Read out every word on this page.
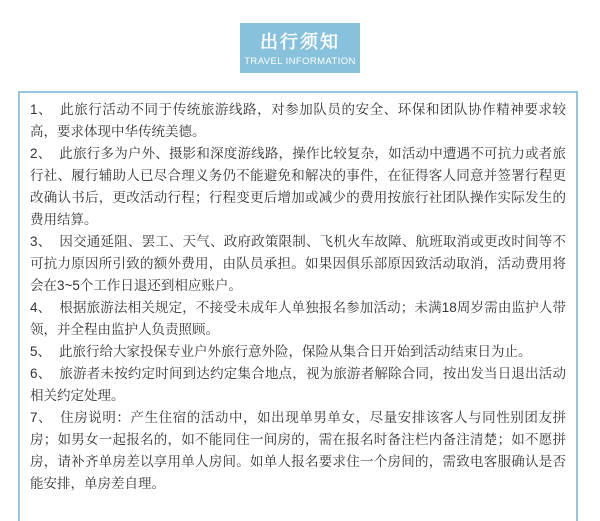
出行须知
TRAVEL INFORMATION

1、 此旅行活动不同于传统旅游线路，对参加队员的安全、环保和团队协作精神要求较高，要求体现中华传统美德。

2、 此旅行多为户外、摄影和深度游线路，操作比较复杂，如活动中遭遇不可抗力或者旅行社、履行辅助人已尽合理义务仍不能避免和解决的事件，在征得客人同意并签署行程更改确认书后，更改活动行程；行程变更后增加或减少的费用按旅行社团队操作实际发生的费用结算。

3、 因交通延阻、罢工、天气、政府政策限制、飞机火车故障、航班取消或更改时间等不可抗力原因所引致的额外费用，由队员承担。如果因俱乐部原因致活动取消，活动费用将会在3~5个工作日退还到相应账户。

4、 根据旅游法相关规定，不接受未成年人单独报名参加活动；未满18周岁需由监护人带领，并全程由监护人负责照顾。

5、 此旅行给大家投保专业户外旅行意外险，保险从集合日开始到活动结束日为止。

6、 旅游者未按约定时间到达约定集合地点，视为旅游者解除合同，按出发当日退出活动相关约定处理。

7、 住房说明：产生住宿的活动中，如出现单男单女，尽量安排该客人与同性别团友拼房；如男女一起报名的，如不能同住一间房的，需在报名时备注栏内备注清楚；如不愿拼房，请补齐单房差以享用单人房间。如单人报名要求住一个房间的，需致电客服确认是否能安排，单房差自理。
